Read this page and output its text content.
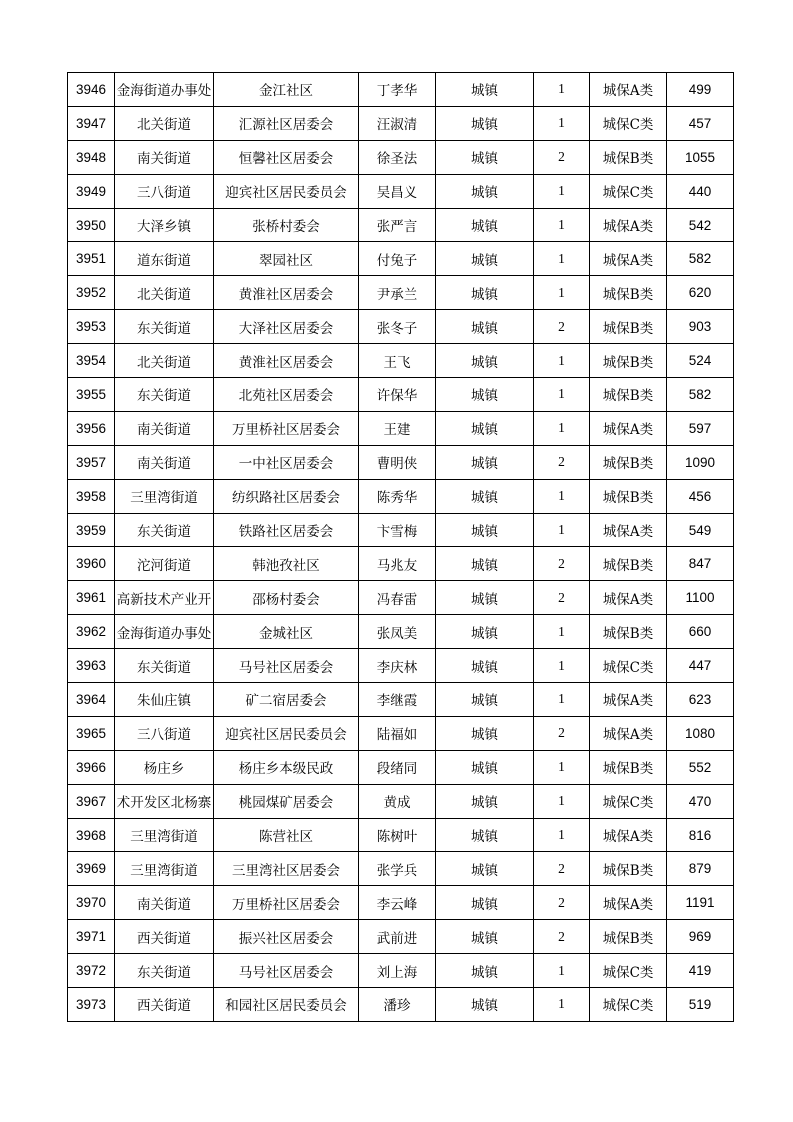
3946	金海街道办事处	金江社区	丁孝华	城镇	1	城保A类	499
3947	北关街道	汇源社区居委会	汪淑清	城镇	1	城保C类	457
3948	南关街道	恒馨社区居委会	徐圣法	城镇	2	城保B类	1055
3949	三八街道	迎宾社区居民委员会	吴昌义	城镇	1	城保C类	440
3950	大泽乡镇	张桥村委会	张严言	城镇	1	城保A类	542
3951	道东街道	翠园社区	付兔子	城镇	1	城保A类	582
3952	北关街道	黄淮社区居委会	尹承兰	城镇	1	城保B类	620
3953	东关街道	大泽社区居委会	张冬子	城镇	2	城保B类	903
3954	北关街道	黄淮社区居委会	王飞	城镇	1	城保B类	524
3955	东关街道	北苑社区居委会	许保华	城镇	1	城保B类	582
3956	南关街道	万里桥社区居委会	王建	城镇	1	城保A类	597
3957	南关街道	一中社区居委会	曹明侠	城镇	2	城保B类	1090
3958	三里湾街道	纺织路社区居委会	陈秀华	城镇	1	城保B类	456
3959	东关街道	铁路社区居委会	卞雪梅	城镇	1	城保A类	549
3960	沱河街道	韩池孜社区	马兆友	城镇	2	城保B类	847
3961	高新技术产业开	邵杨村委会	冯春雷	城镇	2	城保A类	1100
3962	金海街道办事处	金城社区	张凤美	城镇	1	城保B类	660
3963	东关街道	马号社区居委会	李庆林	城镇	1	城保C类	447
3964	朱仙庄镇	矿二宿居委会	李继霞	城镇	1	城保A类	623
3965	三八街道	迎宾社区居民委员会	陆福如	城镇	2	城保A类	1080
3966	杨庄乡	杨庄乡本级民政	段绪同	城镇	1	城保B类	552
3967	术开发区北杨寨	桃园煤矿居委会	黄成	城镇	1	城保C类	470
3968	三里湾街道	陈营社区	陈树叶	城镇	1	城保A类	816
3969	三里湾街道	三里湾社区居委会	张学兵	城镇	2	城保B类	879
3970	南关街道	万里桥社区居委会	李云峰	城镇	2	城保A类	1191
3971	西关街道	振兴社区居委会	武前进	城镇	2	城保B类	969
3972	东关街道	马号社区居委会	刘上海	城镇	1	城保C类	419
3973	西关街道	和园社区居民委员会	潘珍	城镇	1	城保C类	519
